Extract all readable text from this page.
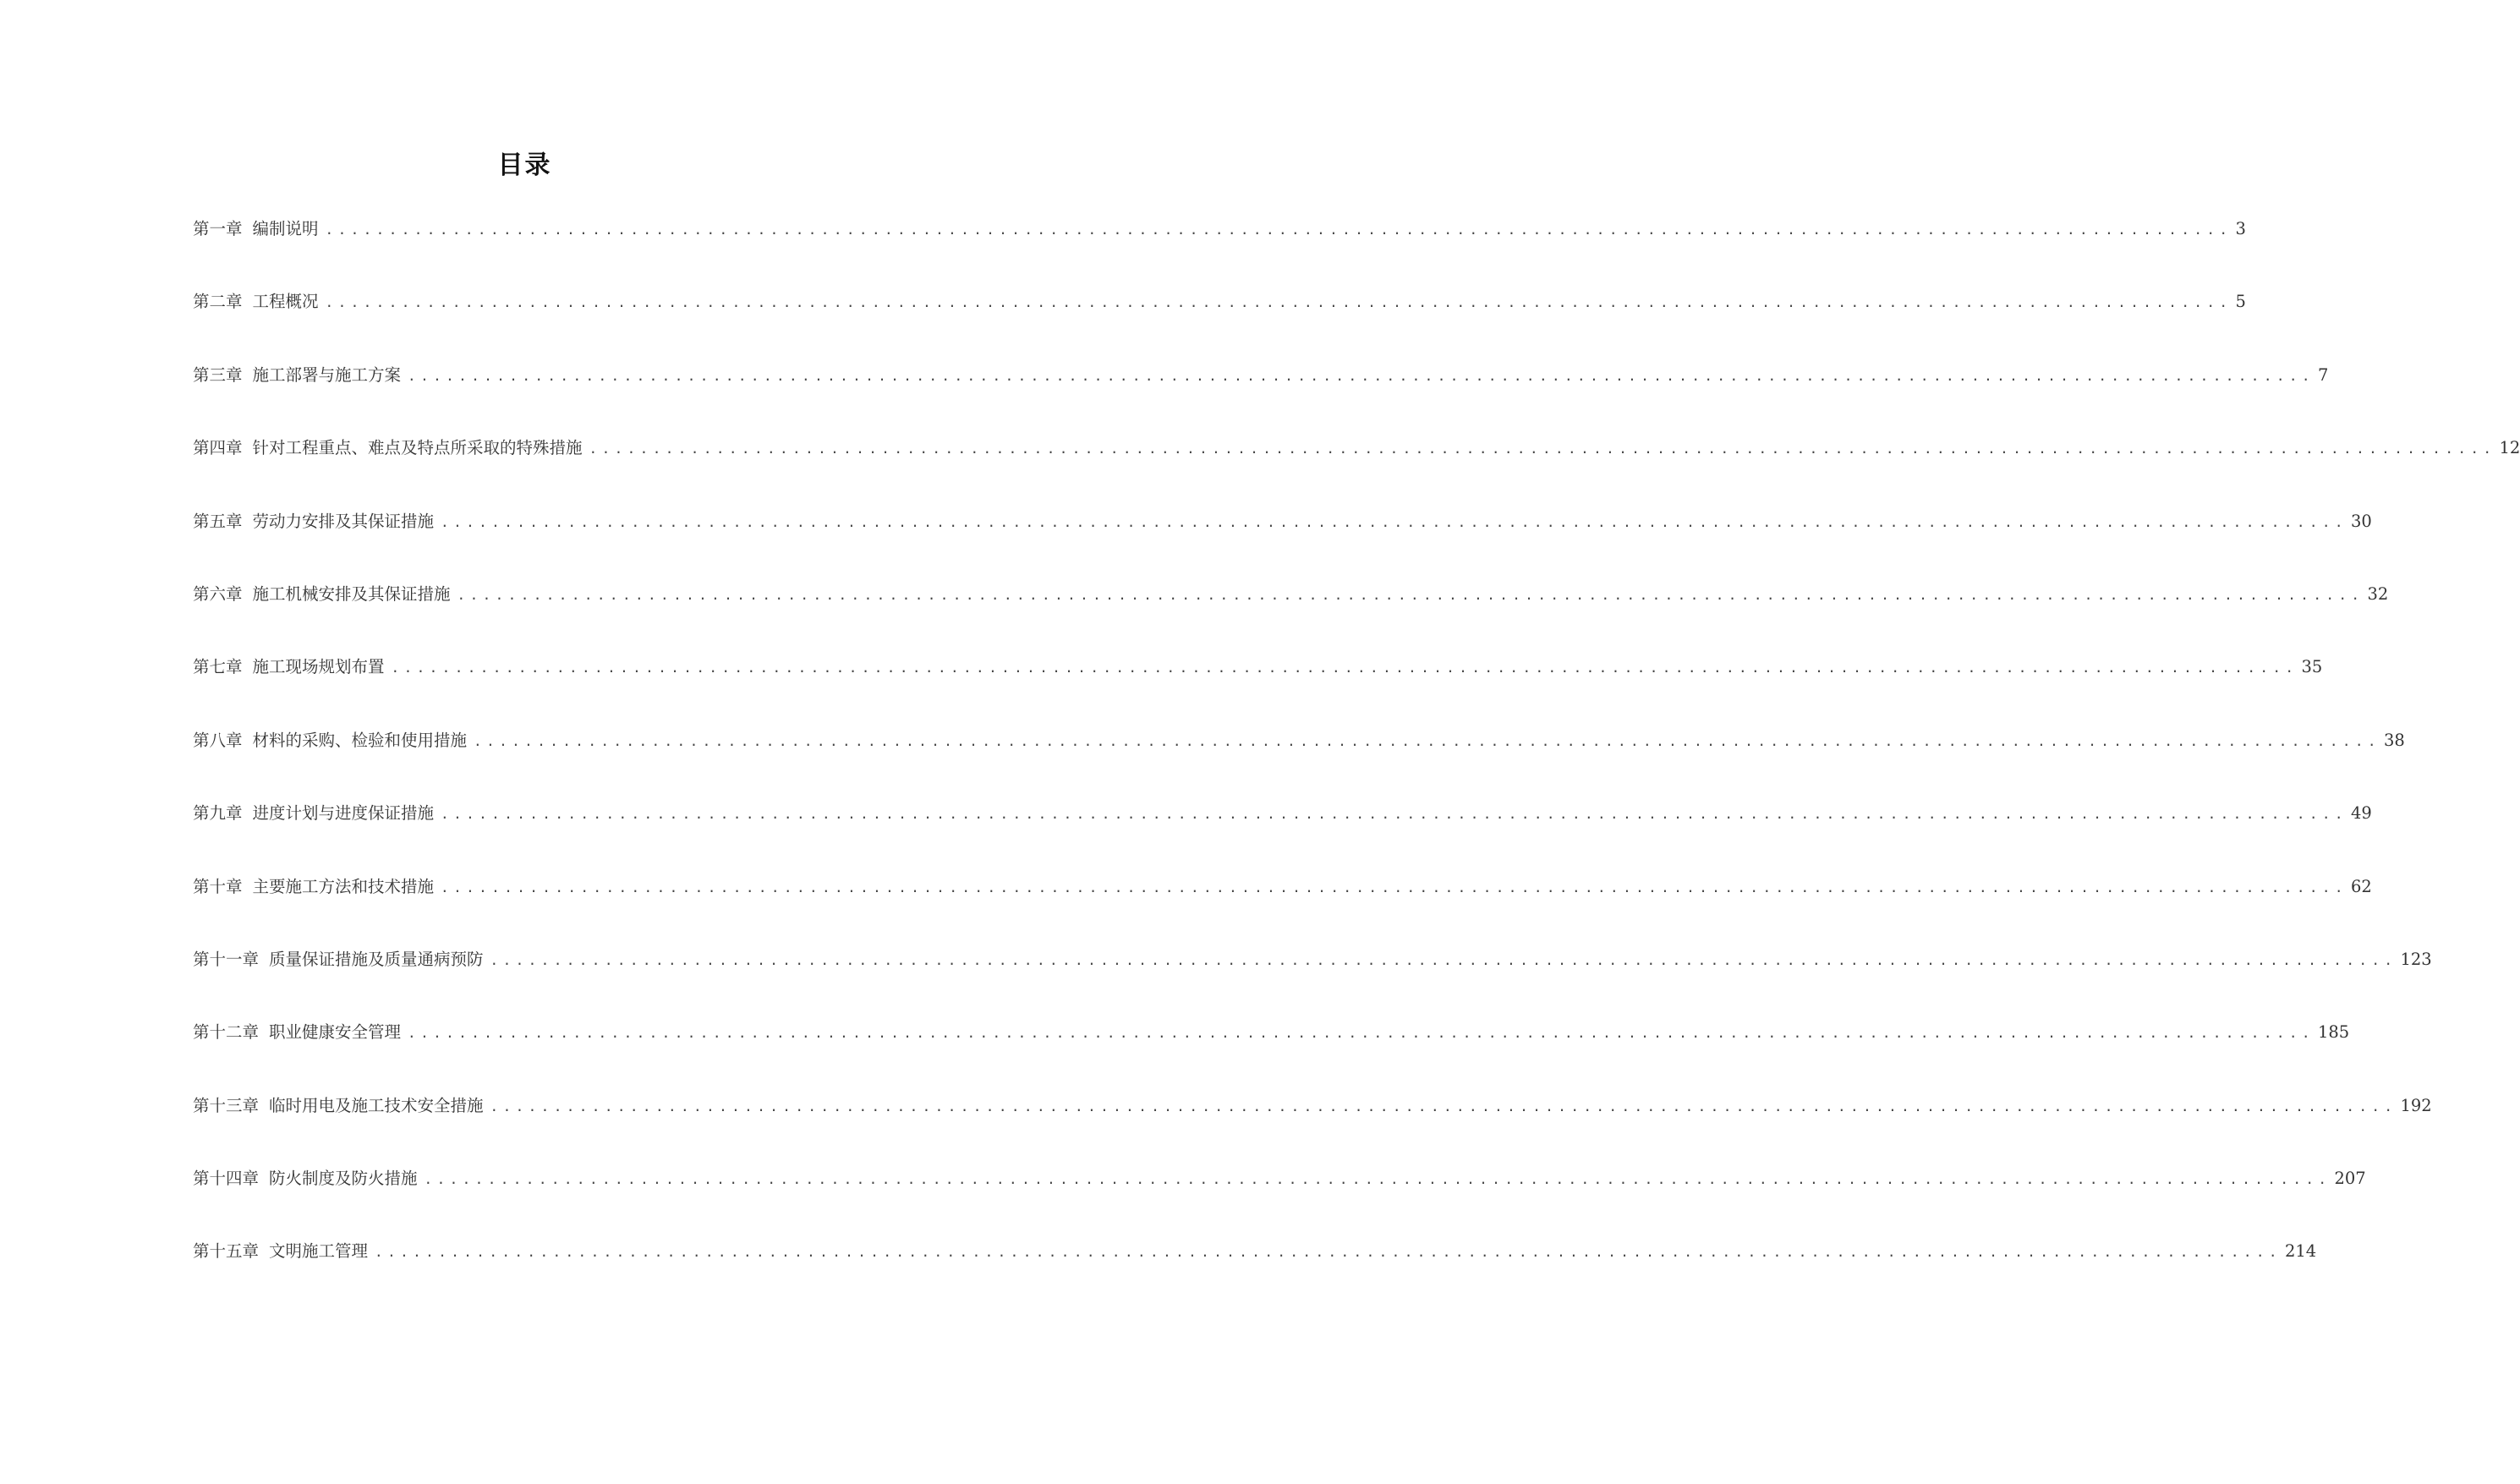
目录
第一章 编制说明 ...................................................................................................................................................... 3
第二章 工程概况 ...................................................................................................................................................... 5
第三章 施工部署与施工方案 ...................................................................................................................................................... 7
第四章 针对工程重点、难点及特点所采取的特殊措施 ...................................................................................................................................................... 12
第五章 劳动力安排及其保证措施 ...................................................................................................................................................... 30
第六章 施工机械安排及其保证措施 ...................................................................................................................................................... 32
第七章 施工现场规划布置 ...................................................................................................................................................... 35
第八章 材料的采购、检验和使用措施 ...................................................................................................................................................... 38
第九章 进度计划与进度保证措施 ...................................................................................................................................................... 49
第十章 主要施工方法和技术措施 ...................................................................................................................................................... 62
第十一章 质量保证措施及质量通病预防 ...................................................................................................................................................... 123
第十二章 职业健康安全管理 ...................................................................................................................................................... 185
第十三章 临时用电及施工技术安全措施 ...................................................................................................................................................... 192
第十四章 防火制度及防火措施 ...................................................................................................................................................... 207
第十五章 文明施工管理 ...................................................................................................................................................... 214
